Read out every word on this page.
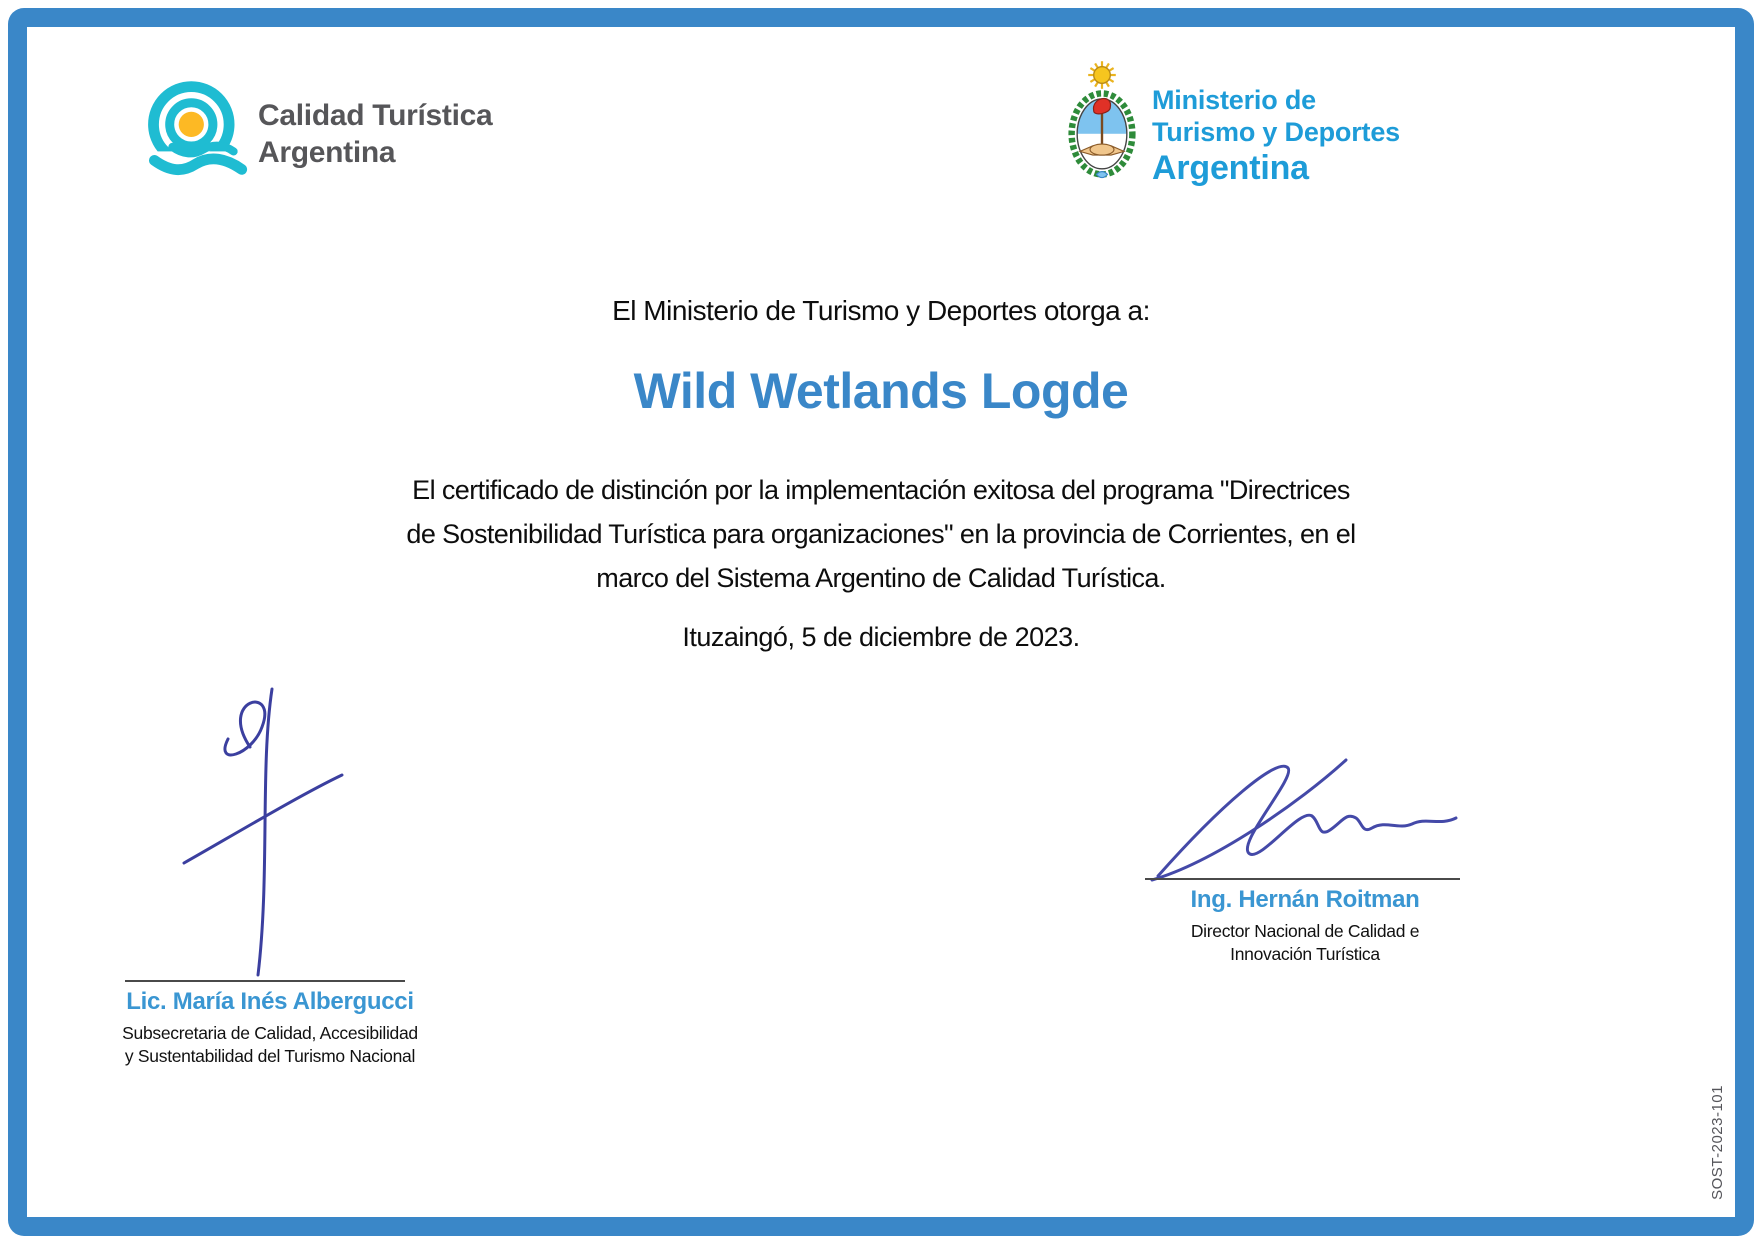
Calidad Turística
Argentina
Ministerio de
Turismo y Deportes
Argentina
El Ministerio de Turismo y Deportes otorga a:
Wild Wetlands Logde
El certificado de distinción por la implementación exitosa del programa "Directrices
de Sostenibilidad Turística para organizaciones" en la provincia de Corrientes, en el
marco del Sistema Argentino de Calidad Turística.
Ituzaingó, 5 de diciembre de 2023.
Lic. María Inés Albergucci
Subsecretaria de Calidad, Accesibilidad
y Sustentabilidad del Turismo Nacional
Ing. Hernán Roitman
Director Nacional de Calidad e
Innovación Turística
SOST-2023-101
